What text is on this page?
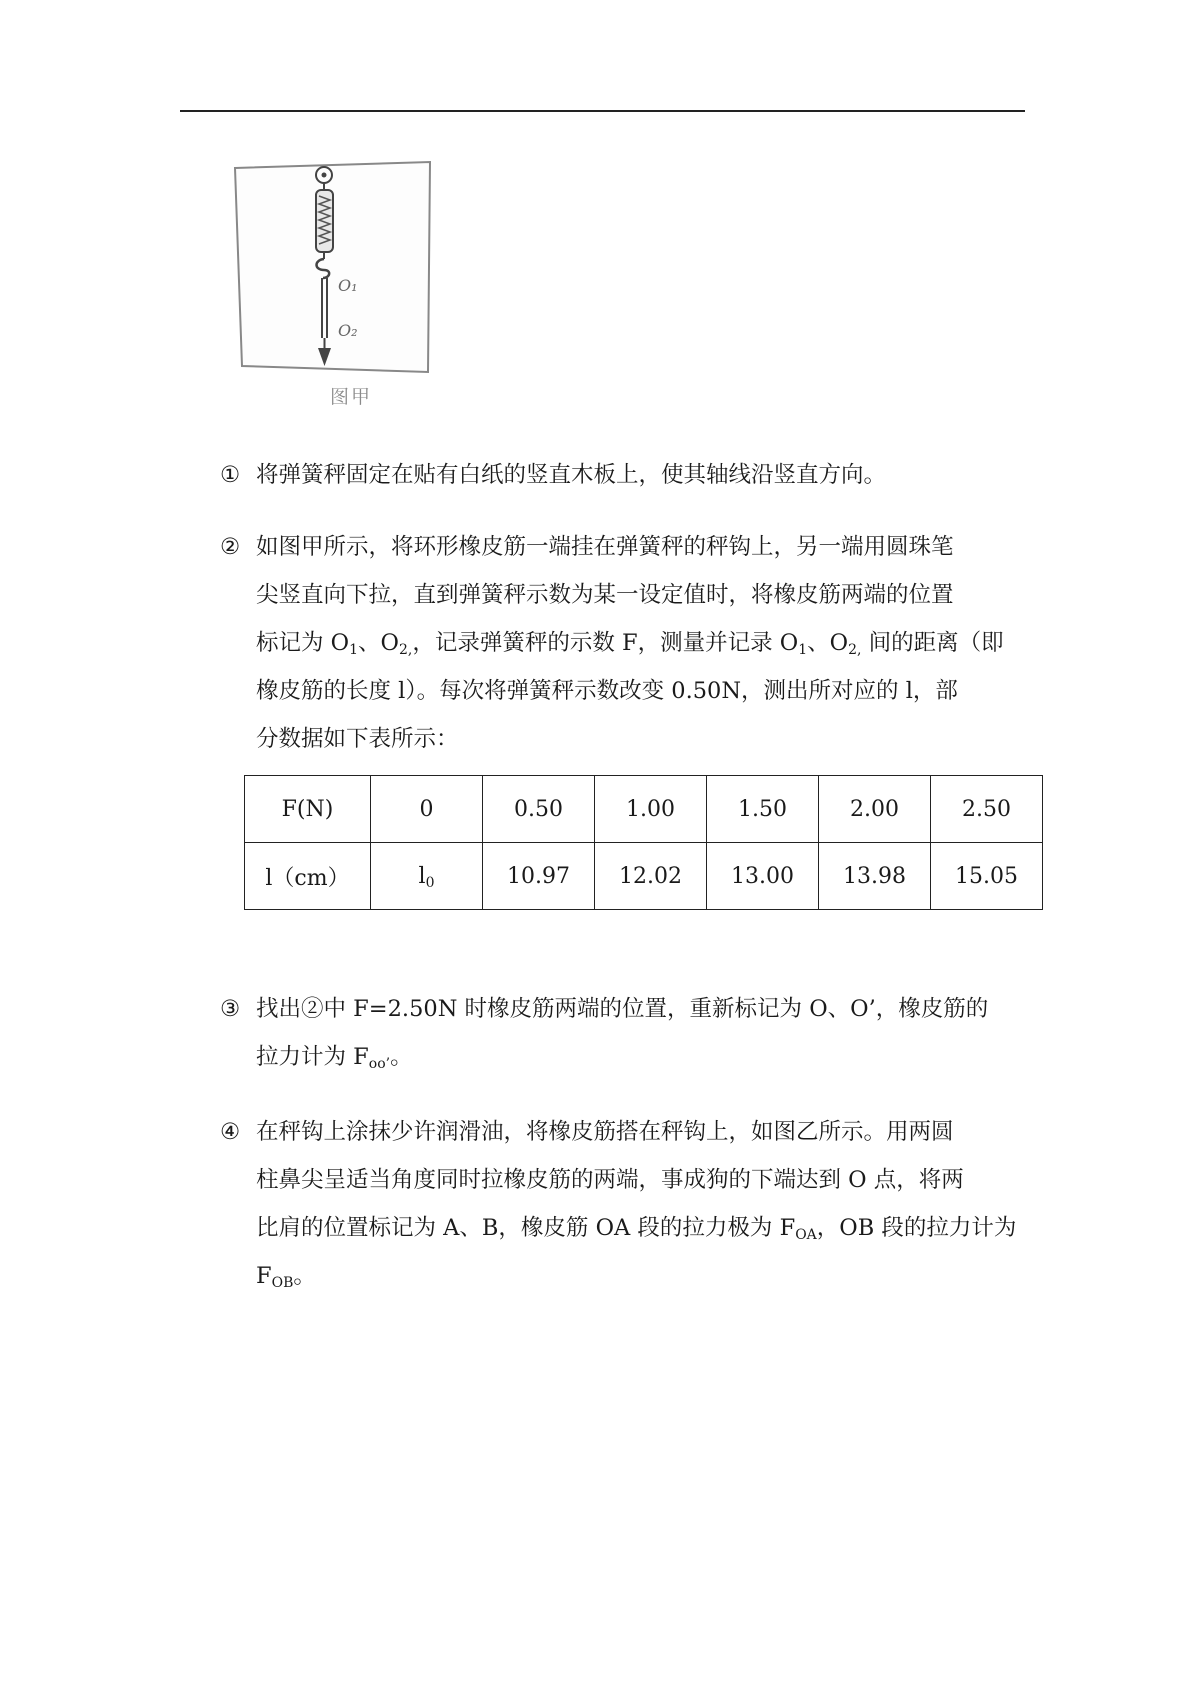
O₁
O₂
图甲
① 将弹簧秤固定在贴有白纸的竖直木板上，使其轴线沿竖直方向。
② 如图甲所示，将环形橡皮筋一端挂在弹簧秤的秤钩上，另一端用圆珠笔
尖竖直向下拉，直到弹簧秤示数为某一设定值时，将橡皮筋两端的位置
标记为 $O_1$、$O_{2,}$，记录弹簧秤的示数 F，测量并记录 $O_1$、$O_{2,}$ 间的距离（即
橡皮筋的长度 l）。每次将弹簧秤示数改变 0.50N，测出所对应的 l，部
分数据如下表所示：
F(N)	0	0.50	1.00	1.50	2.00	2.50
l（cm）	$l_0$	10.97	12.02	13.00	13.98	15.05
③ 找出②中 F=2.50N 时橡皮筋两端的位置，重新标记为 O、O’，橡皮筋的
拉力计为 $F_{oo’}$。
④ 在秤钩上涂抹少许润滑油，将橡皮筋搭在秤钩上，如图乙所示。用两圆
柱鼻尖呈适当角度同时拉橡皮筋的两端，事成狗的下端达到 O 点，将两
比肩的位置标记为 A、B，橡皮筋 OA 段的拉力极为 $F_{OA}$，OB 段的拉力计为
$F_{OB}$。
